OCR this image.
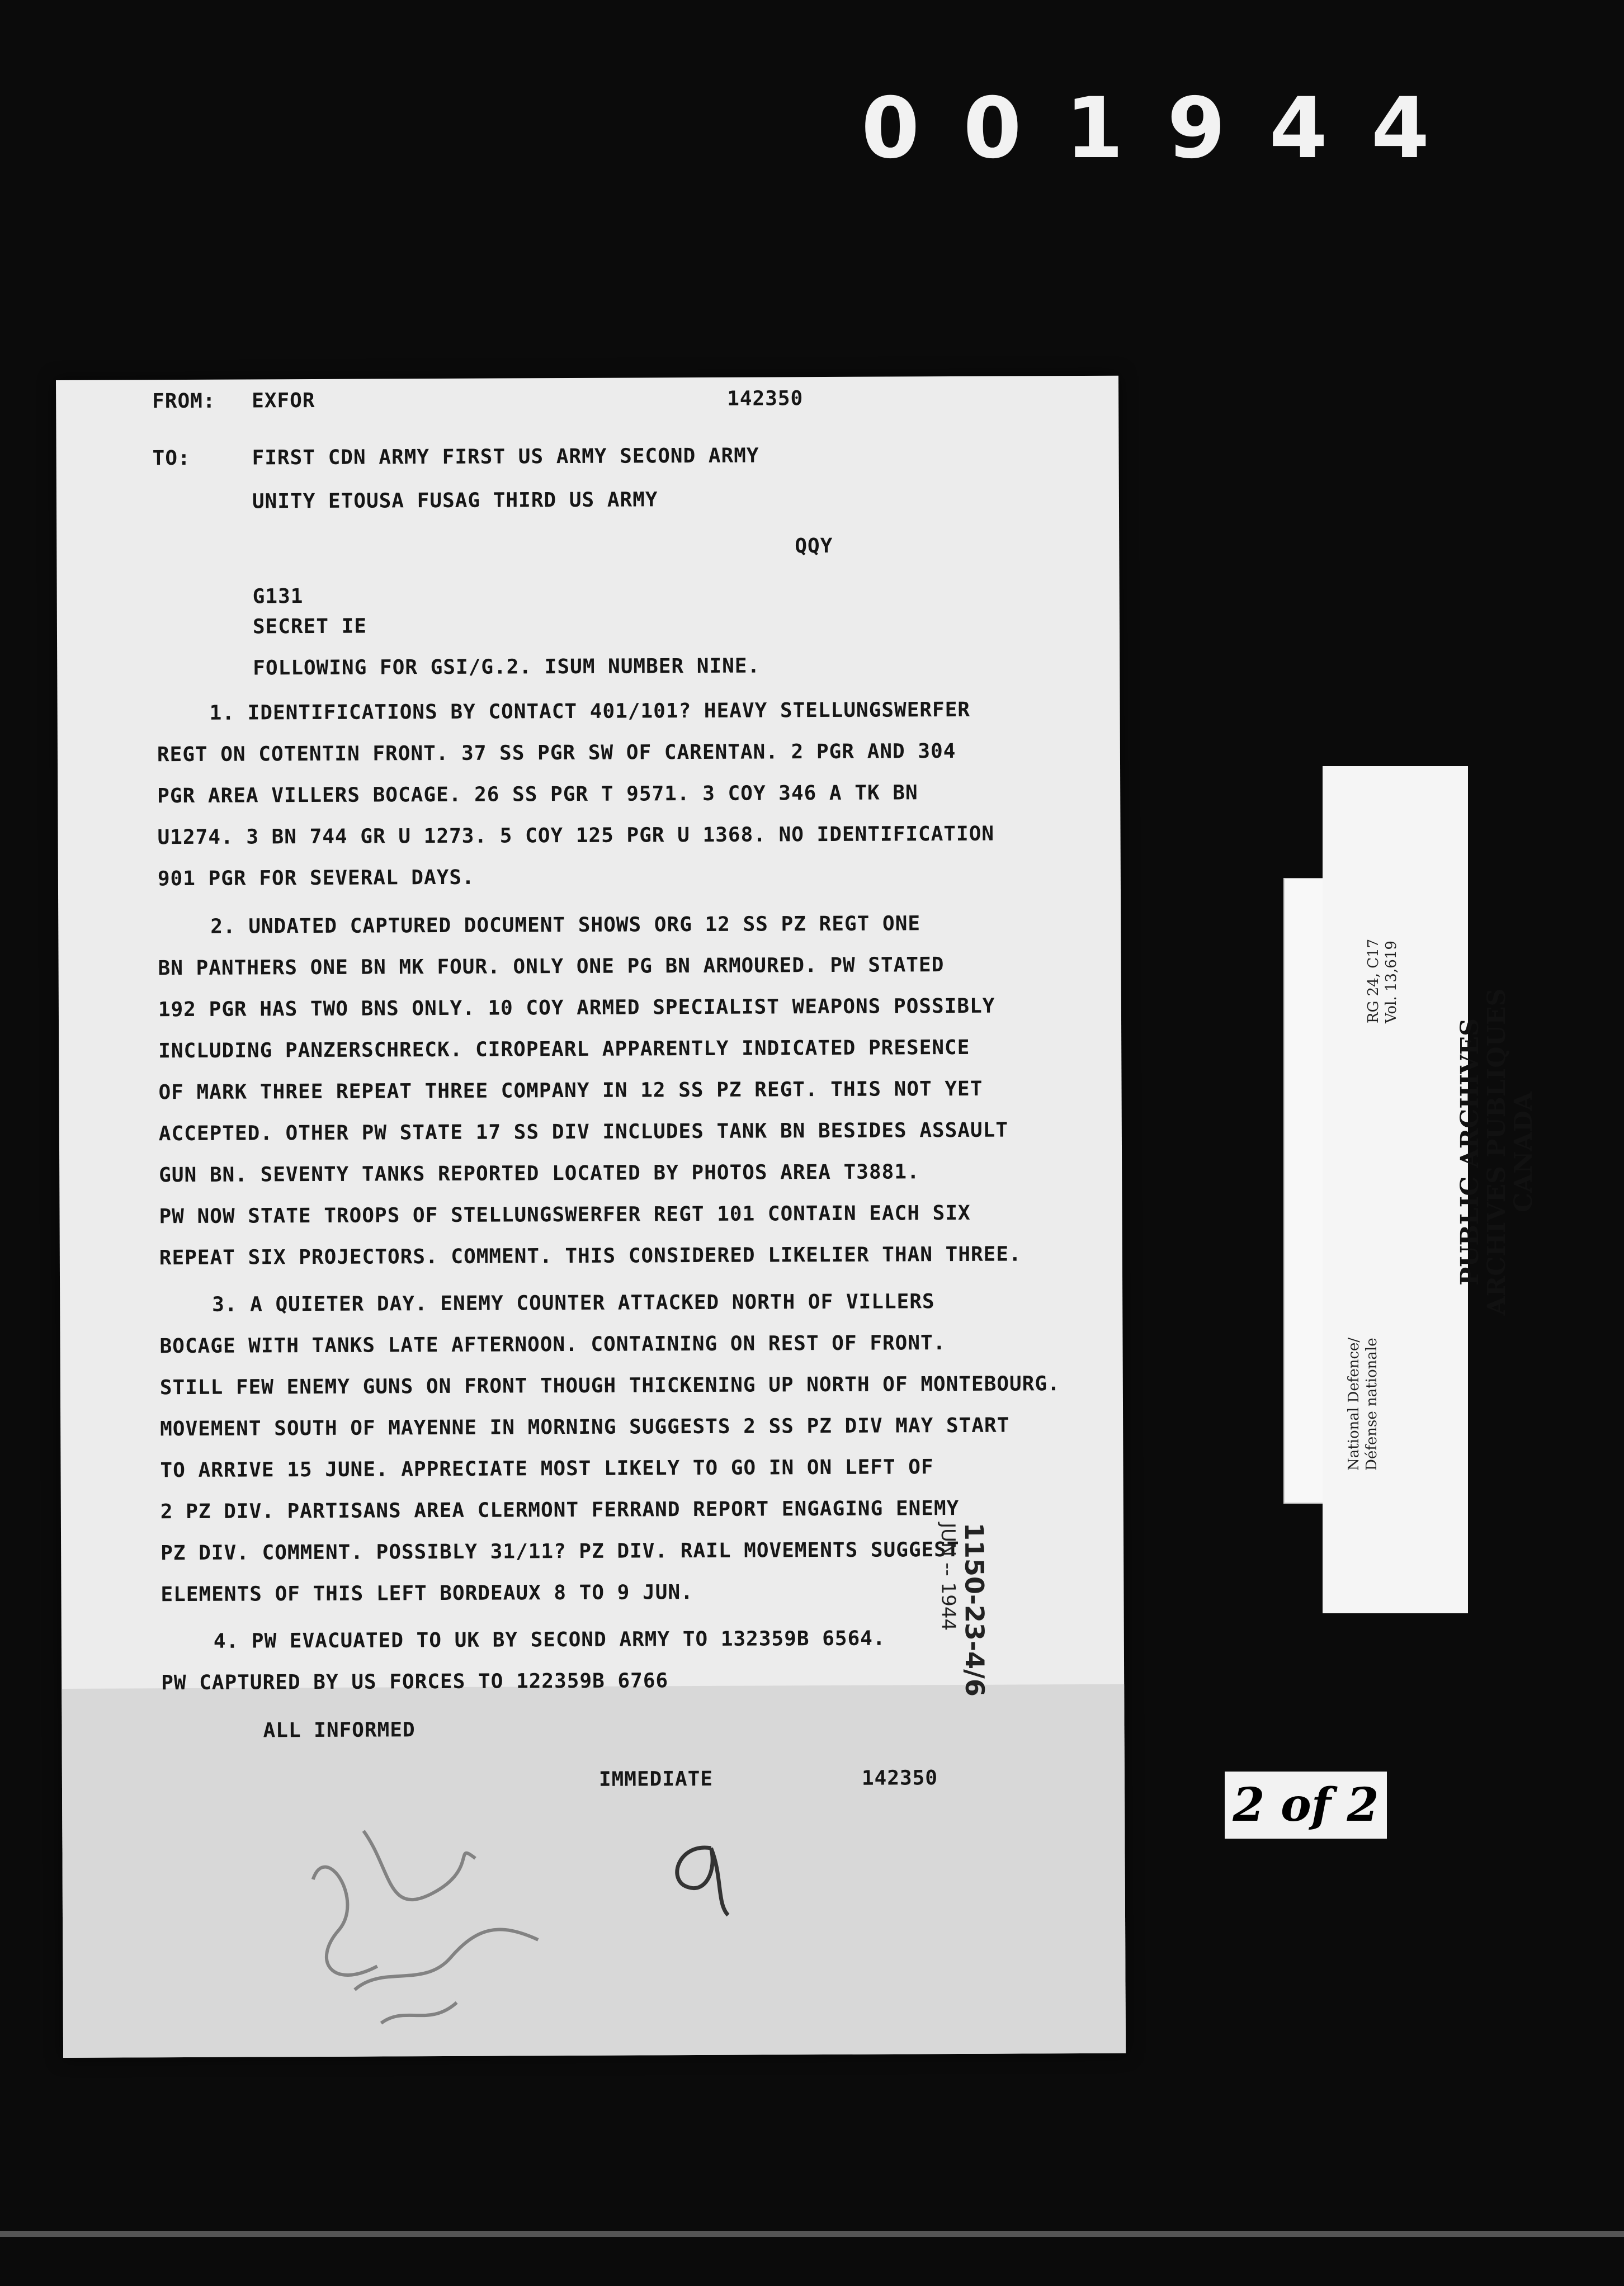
001944

FROM: EXFOR	142350

TO:	FIRST CDN ARMY FIRST US ARMY SECOND ARMY

UNITY ETOUSA FUSAG THIRD US ARMY

QQY

G131

SECRET IE

FOLLOWING FOR GSI/G.2. ISUM NUMBER NINE.

1. IDENTIFICATIONS BY CONTACT 401/101? HEAVY STELLUNGSWERFER

REGT ON COTENTIN FRONT. 37 SS PGR SW OF CARENTAN. 2 PGR AND 304

PGR AREA VILLERS BOCAGE. 26 SS PGR T 9571. 3 COY 346 A TK BN

U1274. 3 BN 744 GR U 1273. 5 COY 125 PGR U 1368. NO IDENTIFICATION

901 PGR FOR SEVERAL DAYS.

2. UNDATED CAPTURED DOCUMENT SHOWS ORG 12 SS PZ REGT ONE

BN PANTHERS ONE BN MK FOUR. ONLY ONE PG BN ARMOURED. PW STATED

192 PGR HAS TWO BNS ONLY. 10 COY ARMED SPECIALIST WEAPONS POSSIBLY

INCLUDING PANZERSCHRECK. CIROPEARL APPARENTLY INDICATED PRESENCE

OF MARK THREE REPEAT THREE COMPANY IN 12 SS PZ REGT. THIS NOT YET

ACCEPTED. OTHER PW STATE 17 SS DIV INCLUDES TANK BN BESIDES ASSAULT

GUN BN. SEVENTY TANKS REPORTED LOCATED BY PHOTOS AREA T3881.

PW NOW STATE TROOPS OF STELLUNGSWERFER REGT 101 CONTAIN EACH SIX

REPEAT SIX PROJECTORS. COMMENT. THIS CONSIDERED LIKELIER THAN THREE.

3. A QUIETER DAY. ENEMY COUNTER ATTACKED NORTH OF VILLERS

BOCAGE WITH TANKS LATE AFTERNOON. CONTAINING ON REST OF FRONT.

STILL FEW ENEMY GUNS ON FRONT THOUGH THICKENING UP NORTH OF MONTEBOURG.

MOVEMENT SOUTH OF MAYENNE IN MORNING SUGGESTS 2 SS PZ DIV MAY START

TO ARRIVE 15 JUNE. APPRECIATE MOST LIKELY TO GO IN ON LEFT OF

2 PZ DIV. PARTISANS AREA CLERMONT FERRAND REPORT ENGAGING ENEMY

PZ DIV. COMMENT. POSSIBLY 31/11? PZ DIV. RAIL MOVEMENTS SUGGEST

ELEMENTS OF THIS LEFT BORDEAUX 8 TO 9 JUN.

4. PW EVACUATED TO UK BY SECOND ARMY TO 132359B 6564.

PW CAPTURED BY US FORCES TO 122359B 6766

ALL INFORMED

IMMEDIATE	142350

1150-23-4/6
JUN -- 1944
RG 24, C17 Vol. 13,619
National Defence/ Défense nationale
PUBLIC ARCHIVES
ARCHIVES PUBLIQUES
CANADA
2 of 2
